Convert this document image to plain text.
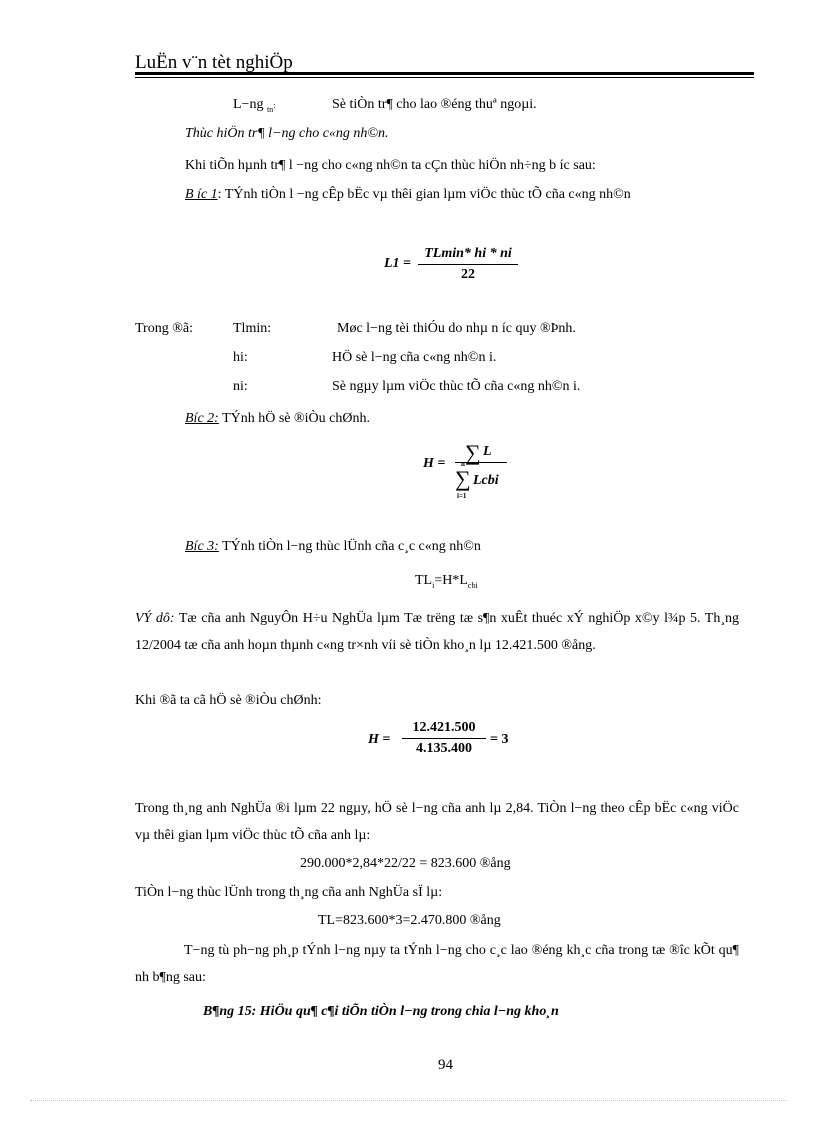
LuËn v¨n tèt nghiÖp
L−ng $_{tn}$:	Sè tiÒn tr¶ cho lao ®éng thuª ngoµi.
Thùc hiÖn tr¶ l−ng cho c«ng nh©n.
Khi tiÕn hµnh tr¶ l −ng cho c«ng nh©n ta cÇn thùc hiÖn nh÷ng b íc sau:
B íc 1: TÝnh tiÒn l −ng cÊp bËc vµ thêi gian lµm viÖc thùc tÕ cña c«ng nh©n
L1 =
TLmin* hi * ni
22
Trong ®ã:	Tlmin:	Møc l−ng tèi thiÓu do nhµ n íc quy ®Þnh.
hi:	HÖ sè l−ng cña c«ng nh©n i.
ni:	Sè ngµy lµm viÖc thùc tÕ cña c«ng nh©n i.
Bíc 2: TÝnh hÖ sè ®iÒu chØnh.
H = ∑ L
n
∑ Lcbi
i=1
Bíc 3: TÝnh tiÒn l−ng thùc lÜnh cña c¸c c«ng nh©n
$TL_i=H*L_{cbi}$
VÝ dô: Tæ cña anh NguyÔn H÷u NghÜa lµm Tæ trëng tæ s¶n xuÊt thuéc xÝ nghiÖp x©y l¾p 5. Th¸ng 12/2004 tæ cña anh hoµn thµnh c«ng tr×nh víi sè tiÒn kho¸n lµ 12.421.500 ®ång.
Khi ®ã ta cã hÖ sè ®iÒu chØnh:
H =
12.421.500
4.135.400
= 3
Trong th¸ng anh NghÜa ®i lµm 22 ngµy, hÖ sè l−ng cña anh lµ 2,84. TiÒn l−ng theo cÊp bËc c«ng viÖc vµ thêi gian lµm viÖc thùc tÕ cña anh lµ:
290.000*2,84*22/22 = 823.600 ®ång
TiÒn l−ng thùc lÜnh trong th¸ng cña anh NghÜa sÏ lµ:
TL=823.600*3=2.470.800 ®ång
T−ng tù ph−ng ph¸p tÝnh l−ng nµy ta tÝnh l−ng cho c¸c lao ®éng kh¸c cña trong tæ ®îc kÕt qu¶ nh b¶ng sau:
B¶ng 15: HiÖu qu¶ c¶i tiÕn tiÒn l−ng trong chia l−ng kho¸n
94
